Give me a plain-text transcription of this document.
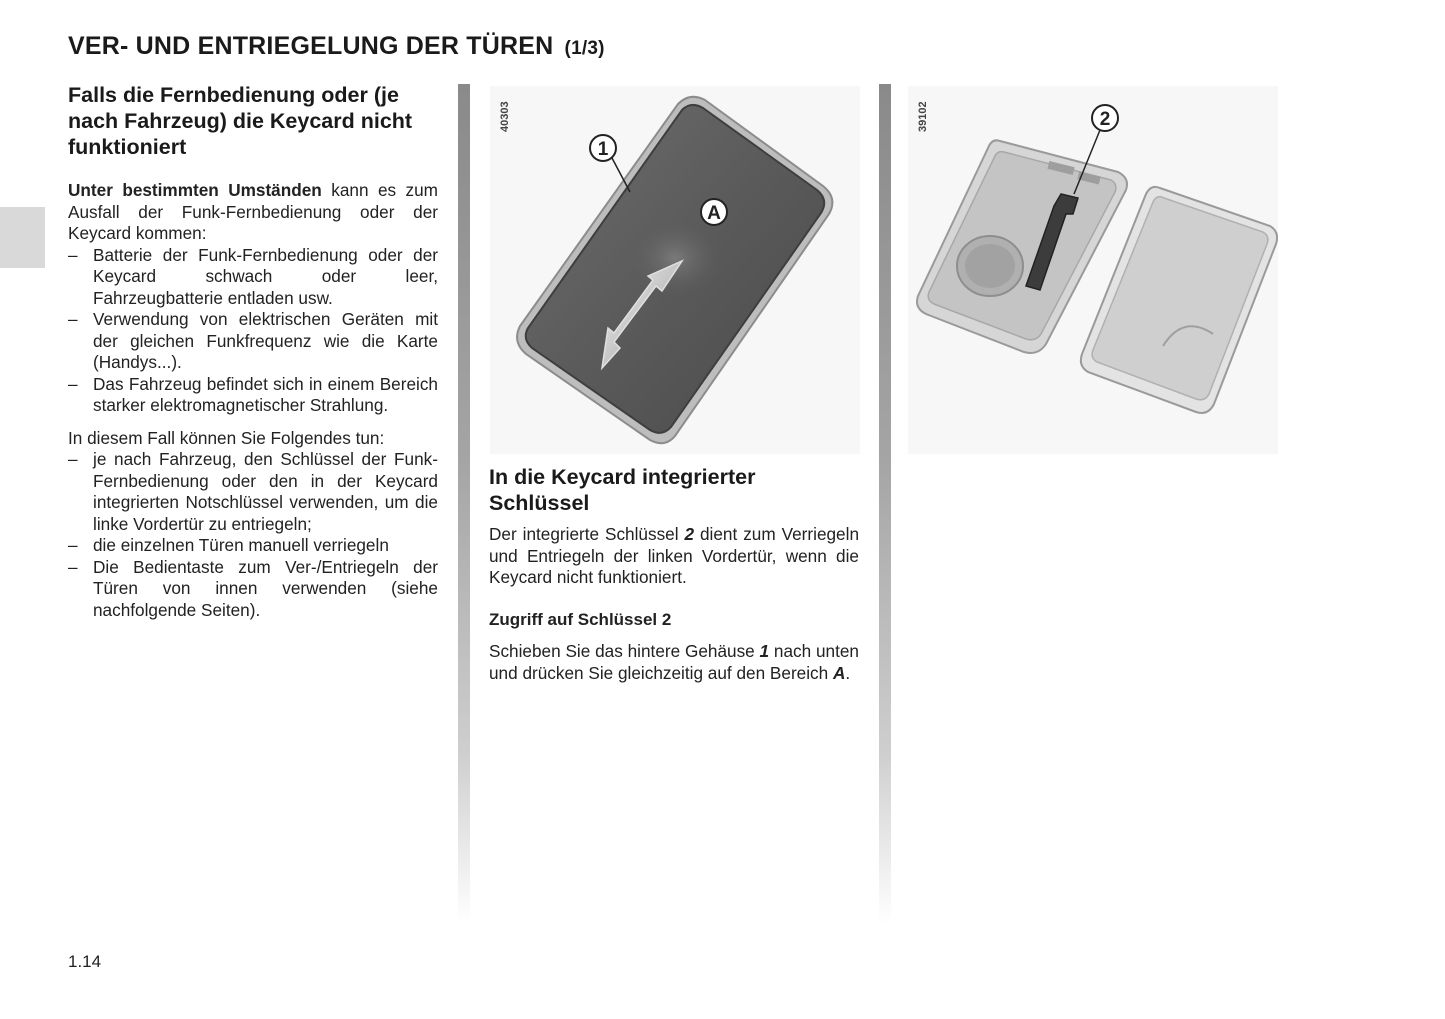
VER- UND ENTRIEGELUNG DER TÜREN (1/3)
Falls die Fernbedienung oder (je nach Fahrzeug) die Keycard nicht funktioniert

Unter bestimmten Umständen kann es zum Ausfall der Funk-Fernbedienung oder der Keycard kommen:

– Batterie der Funk-Fernbedienung oder der Keycard schwach oder leer, Fahrzeugbatterie entladen usw.
– Verwendung von elektrischen Geräten mit der gleichen Funkfrequenz wie die Karte (Handys...).
– Das Fahrzeug befindet sich in einem Bereich starker elektromagnetischer Strahlung.

In diesem Fall können Sie Folgendes tun:

– je nach Fahrzeug, den Schlüssel der Funk-Fernbedienung oder den in der Keycard integrierten Notschlüssel verwenden, um die linke Vordertür zu entriegeln;
– die einzelnen Türen manuell verriegeln
– Die Bedientaste zum Ver-/Entriegeln der Türen von innen verwenden (siehe nachfolgende Seiten).
40303
1
A
39102	2
In die Keycard integrierter Schlüssel

Der integrierte Schlüssel 2 dient zum Verriegeln und Entriegeln der linken Vordertür, wenn die Keycard nicht funktioniert.

Zugriff auf Schlüssel 2

Schieben Sie das hintere Gehäuse 1 nach unten und drücken Sie gleichzeitig auf den Bereich A.

1.14
